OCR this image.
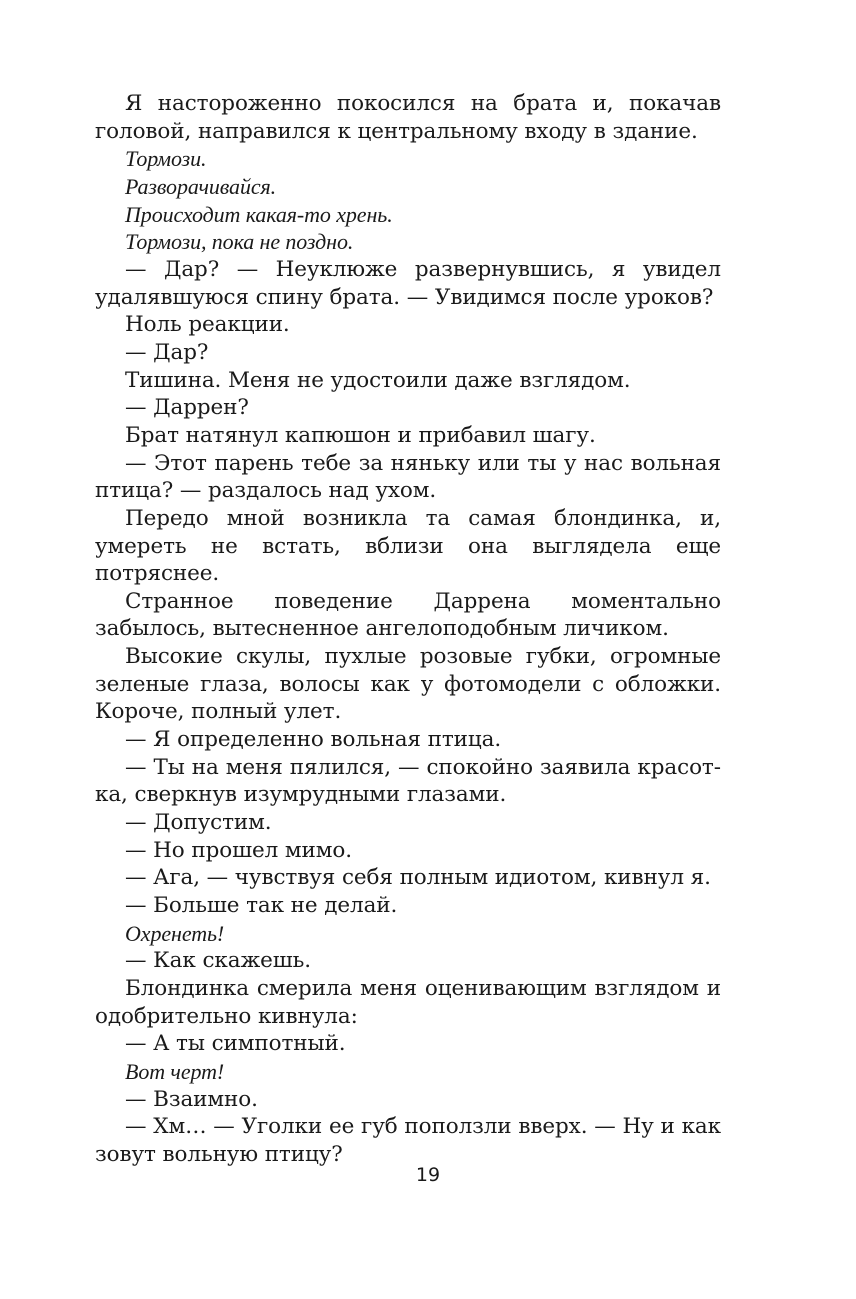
Я настороженно покосился на брата и, покачав головой, направился к центральному входу в здание.

Тормози.

Разворачивайся.

Происходит какая-то хрень.

Тормози, пока не поздно.

— Дар? — Неуклюже развернувшись, я увидел удалявшуюся спину брата. — Увидимся после уроков?

Ноль реакции.

— Дар?

Тишина. Меня не удостоили даже взглядом.

— Даррен?

Брат натянул капюшон и прибавил шагу.

— Этот парень тебе за няньку или ты у нас вольная птица? — раздалось над ухом.

Передо мной возникла та самая блондинка, и, умереть не встать, вблизи она выглядела еще потряснее.

Странное поведение Даррена моментально забылось, вытесненное ангелоподобным личиком.

Высокие скулы, пухлые розовые губки, огромные зеленые глаза, волосы как у фотомодели с обложки. Короче, полный улет.

— Я определенно вольная птица.

— Ты на меня пялился, — спокойно заявила красотка, сверкнув изумрудными глазами.

— Допустим.

— Но прошел мимо.

— Ага, — чувствуя себя полным идиотом, кивнул я.

— Больше так не делай.

Охренеть!

— Как скажешь.

Блондинка смерила меня оценивающим взглядом и одобрительно кивнула:

— А ты симпотный.

Вот черт!

— Взаимно.

— Хм… — Уголки ее губ поползли вверх. — Ну и как зовут вольную птицу?

19
